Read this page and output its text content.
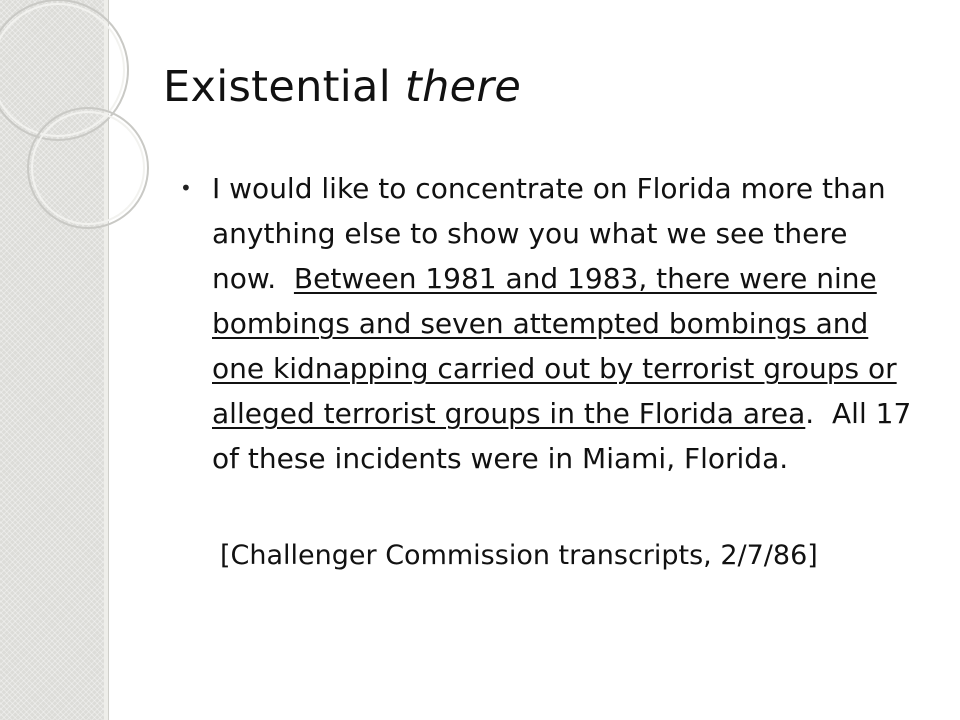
Existential there
• I would like to concentrate on Florida more than anything else to show you what we see there now. Between 1981 and 1983, there were nine bombings and seven attempted bombings and one kidnapping carried out by terrorist groups or alleged terrorist groups in the Florida area. All 17 of these incidents were in Miami, Florida.
[Challenger Commission transcripts, 2/7/86]
